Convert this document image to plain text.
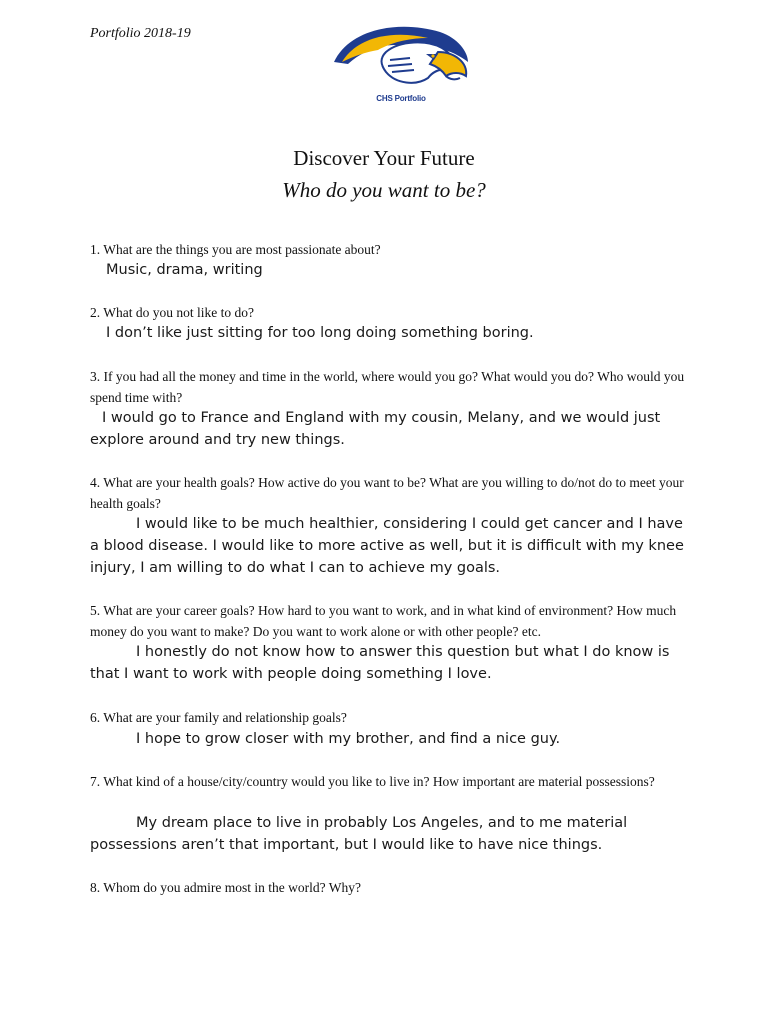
Portfolio 2018-19
CHS Portfolio
Discover Your Future
Who do you want to be?
1. What are the things you are most passionate about?
Music, drama, writing
2. What do you not like to do?
I don’t like just sitting for too long doing something boring.
3. If you had all the money and time in the world, where would you go? What would you do? Who would you spend time with?
I would go to France and England with my cousin, Melany, and we would just explore around and try new things.
4. What are your health goals? How active do you want to be? What are you willing to do/not do to meet your health goals?
I would like to be much healthier, considering I could get cancer and I have a blood disease. I would like to more active as well, but it is difficult with my knee injury, I am willing to do what I can to achieve my goals.
5. What are your career goals? How hard to you want to work, and in what kind of environment? How much money do you want to make? Do you want to work alone or with other people? etc.
I honestly do not know how to answer this question but what I do know is that I want to work with people doing something I love.
6. What are your family and relationship goals?
I hope to grow closer with my brother, and find a nice guy.
7. What kind of a house/city/country would you like to live in? How important are material possessions?
My dream place to live in probably Los Angeles, and to me material possessions aren’t that important, but I would like to have nice things.
8. Whom do you admire most in the world? Why?
